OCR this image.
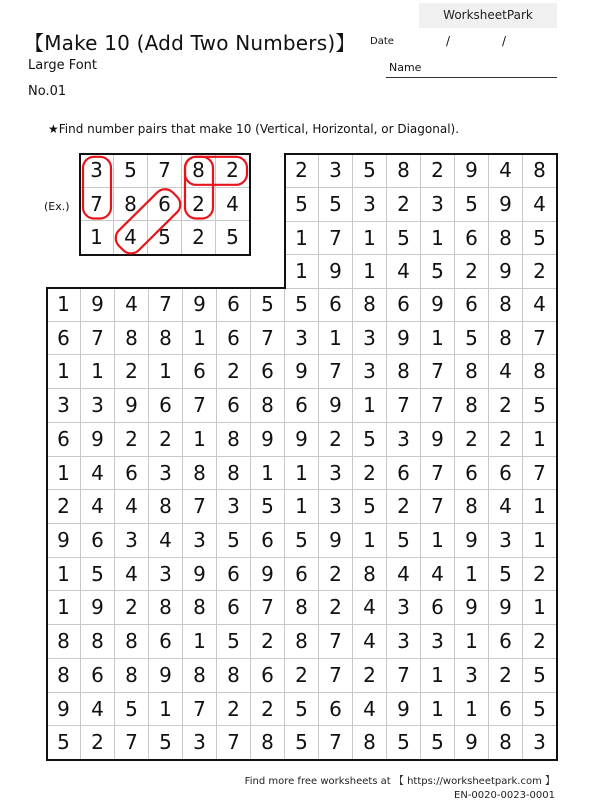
WorksheetPark
【Make 10 (Add Two Numbers)】 Date	/	/
Large Font	Name
No.01
★Find number pairs that make 10 (Vertical, Horizontal, or Diagonal).
(Ex.)
3	5	7	8	2
7	8	6	2	4
1	4	5	2	5
2	3	5	8	2	9	4	8
5	5	3	2	3	5	9	4
1	7	1	5	1	6	8	5
1	9	1	4	5	2	9	2
1	9	4	7	9	6	5	5	6	8	6	9	6	8	4
6	7	8	8	1	6	7	3	1	3	9	1	5	8	7
1	1	2	1	6	2	6	9	7	3	8	7	8	4	8
3	3	9	6	7	6	8	6	9	1	7	7	8	2	5
6	9	2	2	1	8	9	9	2	5	3	9	2	2	1
1	4	6	3	8	8	1	1	3	2	6	7	6	6	7
2	4	4	8	7	3	5	1	3	5	2	7	8	4	1
9	6	3	4	3	5	6	5	9	1	5	1	9	3	1
1	5	4	3	9	6	9	6	2	8	4	4	1	5	2
1	9	2	8	8	6	7	8	2	4	3	6	9	9	1
8	8	8	6	1	5	2	8	7	4	3	3	1	6	2
8	6	8	9	8	8	6	2	7	2	7	1	3	2	5
9	4	5	1	7	2	2	5	6	4	9	1	1	6	5
5	2	7	5	3	7	8	5	7	8	5	5	9	8	3
Find more free worksheets at 【 https://worksheetpark.com 】
EN-0020-0023-0001
